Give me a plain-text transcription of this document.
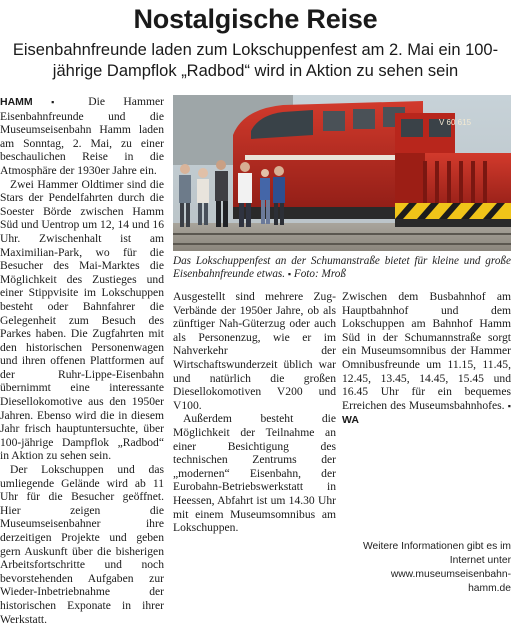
Nostalgische Reise
Eisenbahnfreunde laden zum Lokschuppenfest am 2. Mai ein 100-jährige Dampflok „Radbod“ wird in Aktion zu sehen sein

HAMM ▪ Die Hammer Eisenbahnfreunde und die Museumseisenbahn Hamm laden am Sonntag, 2. Mai, zu einer beschaulichen Reise in die Atmosphäre der 1930er Jahre ein.

Zwei Hammer Oldtimer sind die Stars der Pendelfahrten durch die Soester Börde zwischen Hamm Süd und Uentrop um 12, 14 und 16 Uhr. Zwischenhalt ist am Maximilian-Park, wo für die Besucher des Mai-Marktes die Möglichkeit des Zustieges und einer Stippvisite im Lokschuppen besteht oder Bahnfahrer die Gelegenheit zum Besuch des Parkes haben. Die Zugfahrten mit den historischen Personenwagen und ihren offenen Plattformen auf der Ruhr-Lippe-Eisenbahn übernimmt eine interessante Diesellokomotive aus den 1950er Jahren. Ebenso wird die in diesem Jahr frisch hauptuntersuchte, über 100-jährige Dampflok „Radbod“ in Aktion zu sehen sein.

Der Lokschuppen und das umliegende Gelände wird ab 11 Uhr für die Besucher geöffnet. Hier zeigen die Museumseisenbahner ihre derzeitigen Projekte und geben gern Auskunft über die bisherigen Arbeitsfortschritte und noch bevorstehenden Aufgaben zur Wieder-Inbetriebnahme der historischen Exponate in ihrer Werkstatt.

V 60 615
Das Lokschuppenfest an der Schumanstraße bietet für kleine und große Eisenbahnfreunde etwas. ▪ Foto: Mroß

Ausgestellt sind mehrere Zug-Verbände der 1950er Jahre, ob als zünftiger Nah-Güterzug oder auch als Personenzug, wie er im Nahverkehr der Wirtschaftswunderzeit üblich war und natürlich die großen Diesellokomotiven V200 und V100.

Außerdem besteht die Möglichkeit der Teilnahme an einer Besichtigung des technischen Zentrums der „modernen“ Eisenbahn, der Eurobahn-Betriebswerkstatt in Heessen, Abfahrt ist um 14.30 Uhr mit einem Museumsomnibus am Lokschuppen.

Zwischen dem Busbahnhof am Hauptbahnhof und dem Lokschuppen am Bahnhof Hamm Süd in der Schumannstraße sorgt ein Museumsomnibus der Hammer Omnibusfreunde um 11.15, 11.45, 12.45, 13.45, 14.45, 15.45 und 16.45 Uhr für ein bequemes Erreichen des Museumsbahnhofes. ▪ WA

Weitere Informationen gibt es im Internet unter www.museumseisenbahn-hamm.de
